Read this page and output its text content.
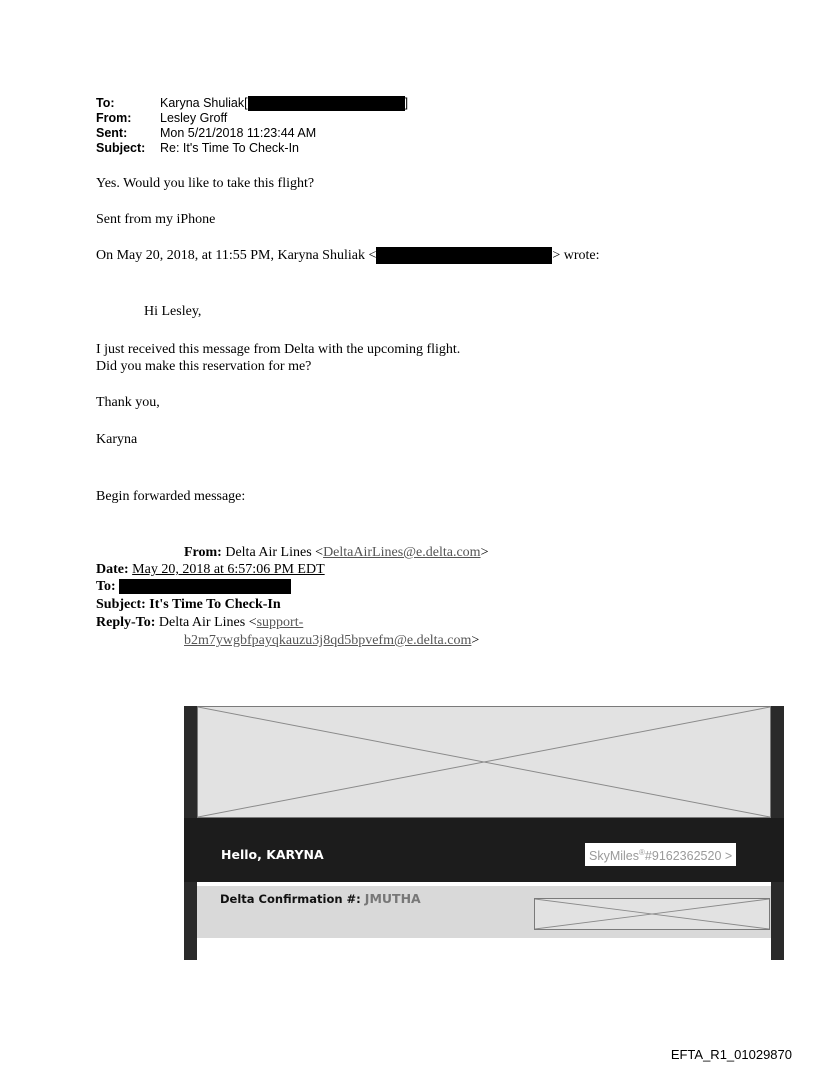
To:	Karyna Shuliak[	]
From: Lesley Groff
Sent:	Mon 5/21/2018 11:23:44 AM
Subject: Re: It's Time To Check-In
Yes. Would you like to take this flight?
Sent from my iPhone
On May 20, 2018, at 11:55 PM, Karyna Shuliak <	> wrote:
Hi Lesley,
I just received this message from Delta with the upcoming flight.
Did you make this reservation for me?
Thank you,
Karyna
Begin forwarded message:
From: Delta Air Lines <DeltaAirLines@e.delta.com>
Date: May 20, 2018 at 6:57:06 PM EDT
To:
Subject: It's Time To Check-In
Reply-To: Delta Air Lines <support-
b2m7ywgbfpayqkauzu3j8qd5bpvefm@e.delta.com>
Hello, KARYNA	SkyMiles®#9162362520 >
Delta Confirmation #: JMUTHA
EFTA_R1_01029870
